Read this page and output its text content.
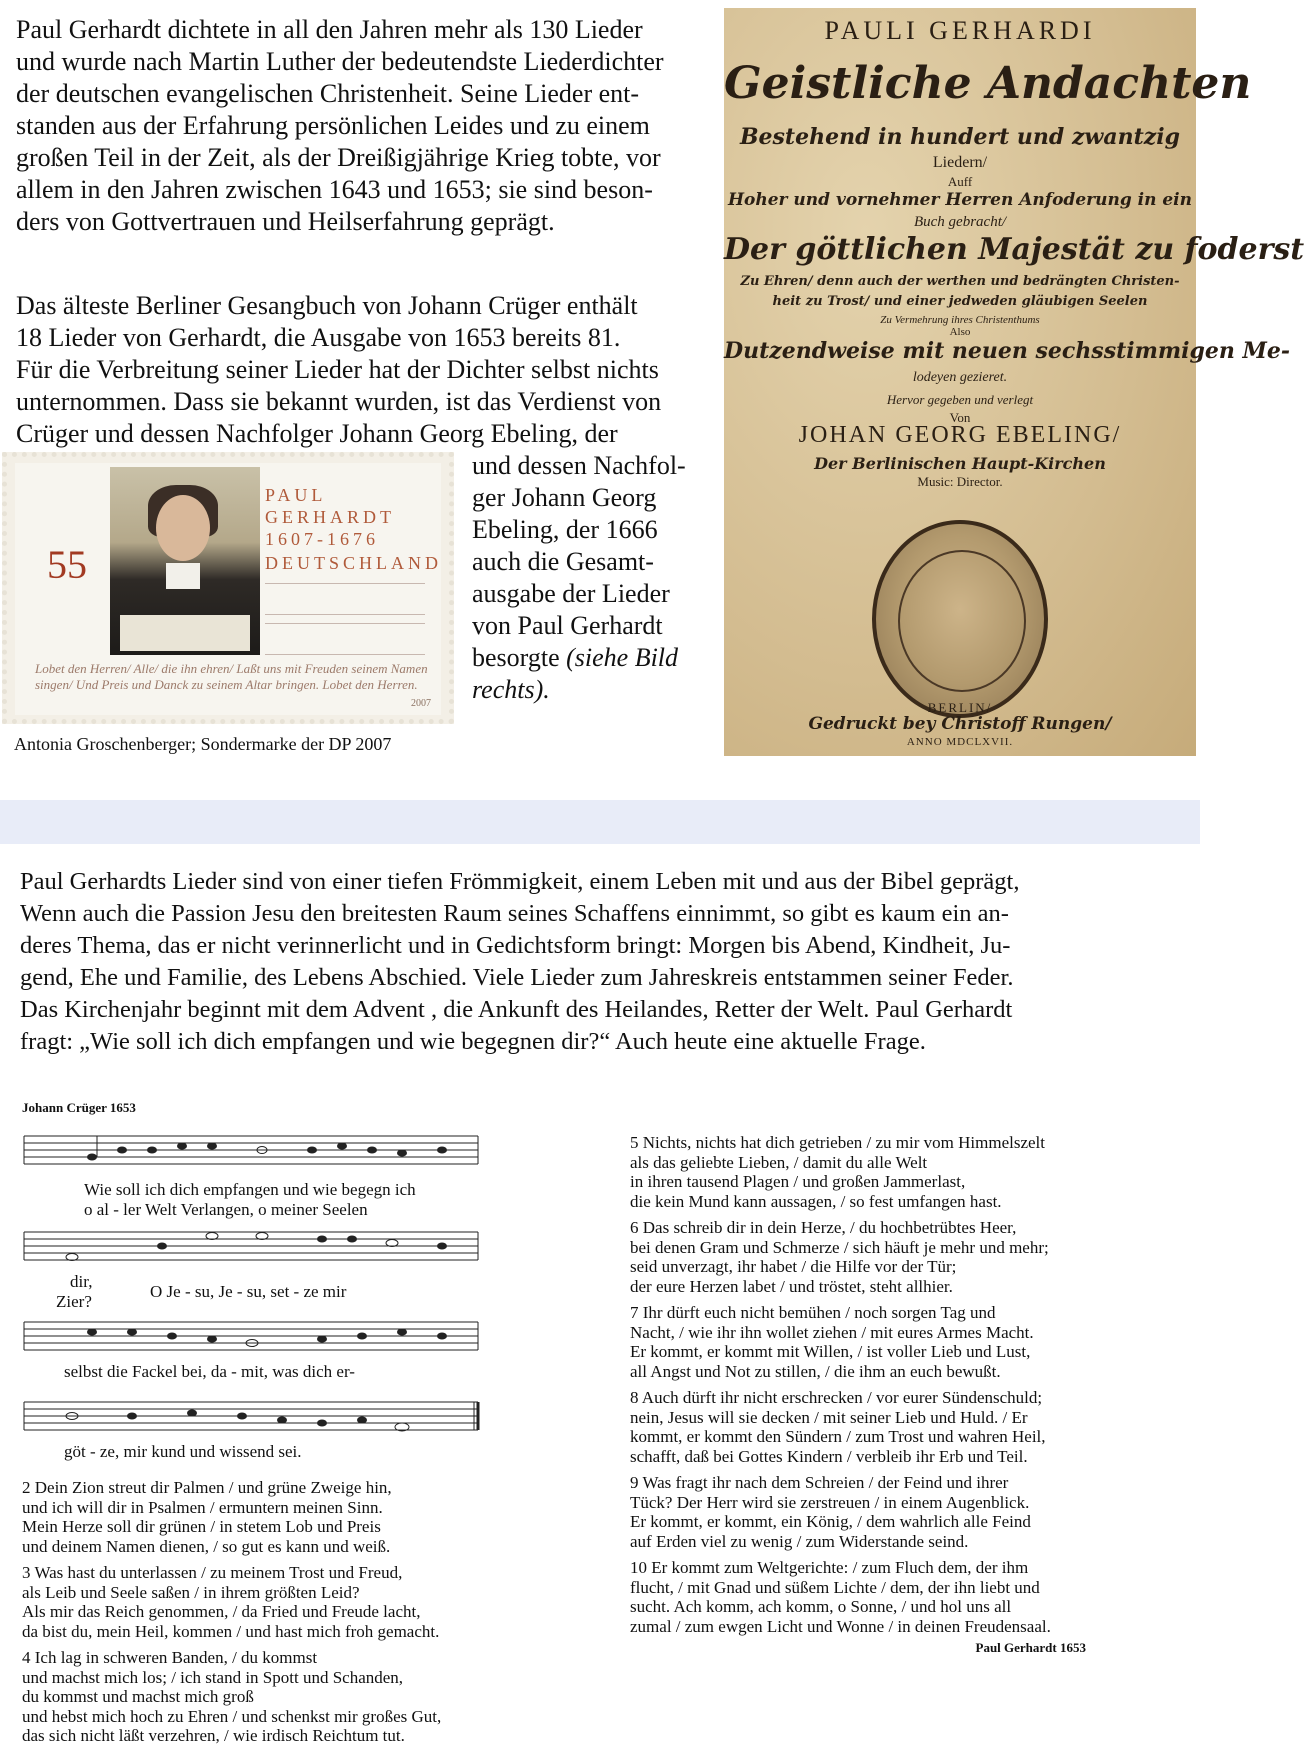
Paul Gerhardt dichtete in all den Jahren mehr als 130 Lieder
und wurde nach Martin Luther der bedeutendste Liederdichter
der deutschen evangelischen Christenheit. Seine Lieder ent-
standen aus der Erfahrung persönlichen Leides und zu einem
großen Teil in der Zeit, als der Dreißigjährige Krieg tobte, vor
allem in den Jahren zwischen 1643 und 1653; sie sind beson-
ders von Gottvertrauen und Heilserfahrung geprägt.

Das älteste Berliner Gesangbuch von Johann Crüger enthält
18 Lieder von Gerhardt, die Ausgabe von 1653 bereits 81.
Für die Verbreitung seiner Lieder hat der Dichter selbst nichts
unternommen. Dass sie bekannt wurden, ist das Verdienst von
Crüger und dessen Nachfolger Johann Georg Ebeling, der

und dessen Nachfol-
ger Johann Georg
Ebeling, der 1666
auch die Gesamt-
ausgabe der Lieder
von Paul Gerhardt
besorgte (siehe Bild
rechts).

55
PAUL
GERHARDT
1607-1676
DEUTSCHLAND
Lobet den Herren/ Alle/ die ihn ehren/ Laßt uns mit Freuden seinem Namen singen/ Und Preis und Danck zu seinem Altar bringen. Lobet den Herren.
2007
Antonia Groschenberger; Sondermarke der DP 2007
PAULI GERHARDI
Geistliche Andachten
Bestehend in hundert und zwantzig
Liedern/
Auff
Hoher und vornehmer Herren Anfoderung in ein
Buch gebracht/
Der göttlichen Majestät zu foderst
Zu Ehren/ denn auch der werthen und bedrängten Christen-
heit zu Trost/ und einer jedweden gläubigen Seelen
Zu Vermehrung ihres Christenthums
Also
Dutzendweise mit neuen sechsstimmigen Me-
lodeyen gezieret.
Hervor gegeben und verlegt
Von
JOHAN GEORG EBELING/
Der Berlinischen Haupt-Kirchen
Music: Director.
BERLIN/
Gedruckt bey Christoff Rungen/
ANNO MDCLXVII.

Paul Gerhardts Lieder sind von einer tiefen Frömmigkeit, einem Leben mit und aus der Bibel geprägt,
Wenn auch die Passion Jesu den breitesten Raum seines Schaffens einnimmt, so gibt es kaum ein an-
deres Thema, das er nicht verinnerlicht und in Gedichtsform bringt: Morgen bis Abend, Kindheit, Ju-
gend, Ehe und Familie, des Lebens Abschied. Viele Lieder zum Jahreskreis entstammen seiner Feder.
Das Kirchenjahr beginnt mit dem Advent , die Ankunft des Heilandes, Retter der Welt. Paul Gerhardt
fragt: „Wie soll ich dich empfangen und wie begegnen dir?“ Auch heute eine aktuelle Frage.

Johann Crüger 1653
Wie soll ich dich empfangen und wie begegn ich
o al - ler Welt Verlangen, o meiner Seelen
dir,
Zier?
O Je - su, Je - su, set - ze mir
selbst die Fackel bei, da - mit, was dich er-
göt - ze, mir kund und wissend sei.

2 Dein Zion streut dir Palmen / und grüne Zweige hin,
und ich will dir in Psalmen / ermuntern meinen Sinn.
Mein Herze soll dir grünen / in stetem Lob und Preis
und deinem Namen dienen, / so gut es kann und weiß.

3 Was hast du unterlassen / zu meinem Trost und Freud,
als Leib und Seele saßen / in ihrem größten Leid?
Als mir das Reich genommen, / da Fried und Freude lacht,
da bist du, mein Heil, kommen / und hast mich froh gemacht.

4 Ich lag in schweren Banden, / du kommst
und machst mich los; / ich stand in Spott und Schanden,
du kommst und machst mich groß
und hebst mich hoch zu Ehren / und schenkst mir großes Gut,
das sich nicht läßt verzehren, / wie irdisch Reichtum tut.

5 Nichts, nichts hat dich getrieben / zu mir vom Himmelszelt
als das geliebte Lieben, / damit du alle Welt
in ihren tausend Plagen / und großen Jammerlast,
die kein Mund kann aussagen, / so fest umfangen hast.

6 Das schreib dir in dein Herze, / du hochbetrübtes Heer,
bei denen Gram und Schmerze / sich häuft je mehr und mehr;
seid unverzagt, ihr habet / die Hilfe vor der Tür;
der eure Herzen labet / und tröstet, steht allhier.

7 Ihr dürft euch nicht bemühen / noch sorgen Tag und
Nacht, / wie ihr ihn wollet ziehen / mit eures Armes Macht.
Er kommt, er kommt mit Willen, / ist voller Lieb und Lust,
all Angst und Not zu stillen, / die ihm an euch bewußt.

8 Auch dürft ihr nicht erschrecken / vor eurer Sündenschuld;
nein, Jesus will sie decken / mit seiner Lieb und Huld. / Er
kommt, er kommt den Sündern / zum Trost und wahren Heil,
schafft, daß bei Gottes Kindern / verbleib ihr Erb und Teil.

9 Was fragt ihr nach dem Schreien / der Feind und ihrer
Tück? Der Herr wird sie zerstreuen / in einem Augenblick.
Er kommt, er kommt, ein König, / dem wahrlich alle Feind
auf Erden viel zu wenig / zum Widerstande seind.

10 Er kommt zum Weltgerichte: / zum Fluch dem, der ihm
flucht, / mit Gnad und süßem Lichte / dem, der ihn liebt und
sucht. Ach komm, ach komm, o Sonne, / und hol uns all
zumal / zum ewgen Licht und Wonne / in deinen Freudensaal.

Paul Gerhardt 1653
